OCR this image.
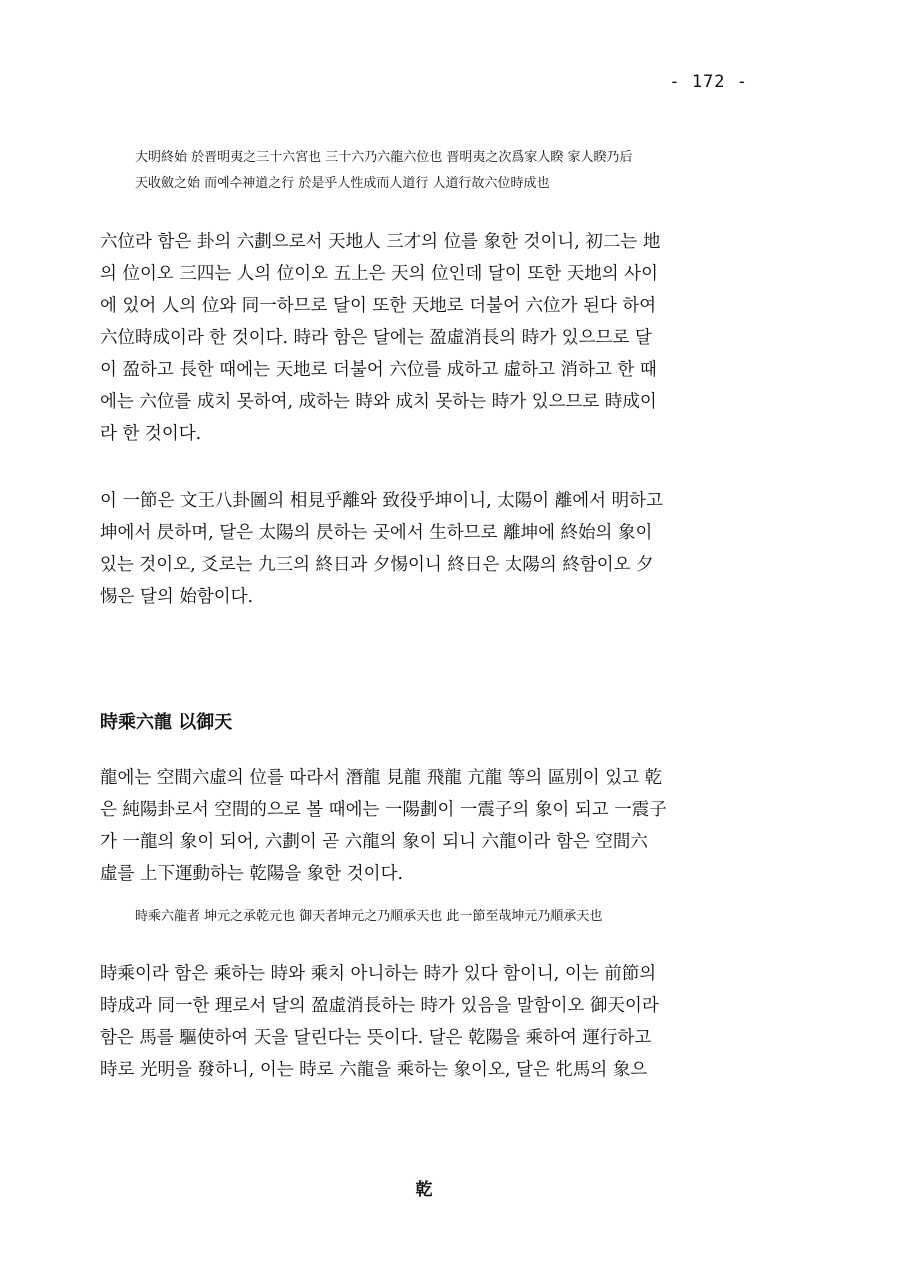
- 172 -
大明終始 於晋明夷之三十六宮也 三十六乃六龍六位也 晋明夷之次爲家人睽 家人睽乃后
天收斂之始 而예수神道之行 於是乎人性成而人道行 人道行故六位時成也
六位라 함은 卦의 六劃으로서 天地人 三才의 位를 象한 것이니, 初二는 地
의 位이오 三四는 人의 位이오 五上은 天의 位인데 달이 또한 天地의 사이
에 있어 人의 位와 同一하므로 달이 또한 天地로 더불어 六位가 된다 하여
六位時成이라 한 것이다. 時라 함은 달에는 盈虛消長의 時가 있으므로 달
이 盈하고 長한 때에는 天地로 더불어 六位를 成하고 虛하고 消하고 한 때
에는 六位를 成치 못하여, 成하는 時와 成치 못하는 時가 있으므로 時成이
라 한 것이다.
이 一節은 文王八卦圖의 相見乎離와 致役乎坤이니, 太陽이 離에서 明하고
坤에서 昃하며, 달은 太陽의 昃하는 곳에서 生하므로 離坤에 終始의 象이
있는 것이오, 爻로는 九三의 終日과 夕惕이니 終日은 太陽의 終함이오 夕
惕은 달의 始함이다.
時乘六龍 以御天
龍에는 空間六虛의 位를 따라서 潛龍 見龍 飛龍 亢龍 等의 區別이 있고 乾
은 純陽卦로서 空間的으로 볼 때에는 一陽劃이 一震子의 象이 되고 一震子
가 一龍의 象이 되어, 六劃이 곧 六龍의 象이 되니 六龍이라 함은 空間六
虛를 上下運動하는 乾陽을 象한 것이다.
時乘六龍者 坤元之承乾元也 御天者坤元之乃順承天也 此一節至哉坤元乃順承天也
時乘이라 함은 乘하는 時와 乘치 아니하는 時가 있다 함이니, 이는 前節의
時成과 同一한 理로서 달의 盈虛消長하는 時가 있음을 말함이오 御天이라
함은 馬를 驅使하여 天을 달린다는 뜻이다. 달은 乾陽을 乘하여 運行하고
時로 光明을 發하니, 이는 時로 六龍을 乘하는 象이오, 달은 牝馬의 象으
乾
